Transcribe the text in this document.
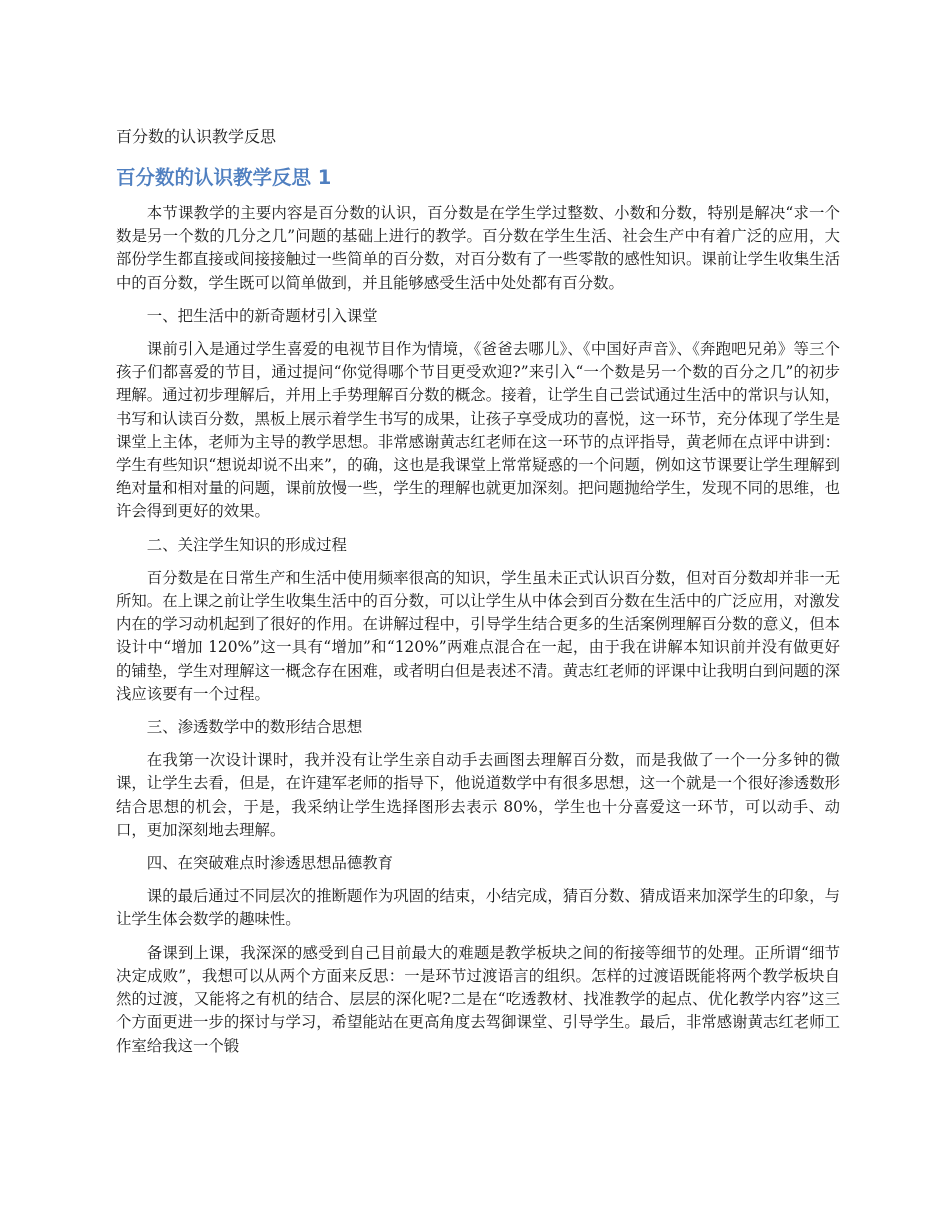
百分数的认识教学反思
百分数的认识教学反思 1

本节课教学的主要内容是百分数的认识，百分数是在学生学过整数、小数和分数，特别是解决“求一个数是另一个数的几分之几”问题的基础上进行的教学。百分数在学生生活、社会生产中有着广泛的应用，大部份学生都直接或间接接触过一些简单的百分数，对百分数有了一些零散的感性知识。课前让学生收集生活中的百分数，学生既可以简单做到，并且能够感受生活中处处都有百分数。

一、把生活中的新奇题材引入课堂

课前引入是通过学生喜爱的电视节目作为情境，《爸爸去哪儿》、《中国好声音》、《奔跑吧兄弟》等三个孩子们都喜爱的节目，通过提问“你觉得哪个节目更受欢迎?”来引入“一个数是另一个数的百分之几”的初步理解。通过初步理解后，并用上手势理解百分数的概念。接着，让学生自己尝试通过生活中的常识与认知，书写和认读百分数，黑板上展示着学生书写的成果，让孩子享受成功的喜悦，这一环节，充分体现了学生是课堂上主体，老师为主导的教学思想。非常感谢黄志红老师在这一环节的点评指导，黄老师在点评中讲到：学生有些知识“想说却说不出来”，的确，这也是我课堂上常常疑惑的一个问题，例如这节课要让学生理解到绝对量和相对量的问题，课前放慢一些，学生的理解也就更加深刻。把问题抛给学生，发现不同的思维，也许会得到更好的效果。

二、关注学生知识的形成过程

百分数是在日常生产和生活中使用频率很高的知识，学生虽未正式认识百分数，但对百分数却并非一无所知。在上课之前让学生收集生活中的百分数，可以让学生从中体会到百分数在生活中的广泛应用，对激发内在的学习动机起到了很好的作用。在讲解过程中，引导学生结合更多的生活案例理解百分数的意义，但本设计中“增加 120%”这一具有“增加”和“120%”两难点混合在一起，由于我在讲解本知识前并没有做更好的铺垫，学生对理解这一概念存在困难，或者明白但是表述不清。黄志红老师的评课中让我明白到问题的深浅应该要有一个过程。

三、渗透数学中的数形结合思想

在我第一次设计课时，我并没有让学生亲自动手去画图去理解百分数，而是我做了一个一分多钟的微课，让学生去看，但是，在许建军老师的指导下，他说道数学中有很多思想，这一个就是一个很好渗透数形结合思想的机会，于是，我采纳让学生选择图形去表示 80%，学生也十分喜爱这一环节，可以动手、动口，更加深刻地去理解。

四、在突破难点时渗透思想品德教育

课的最后通过不同层次的推断题作为巩固的结束，小结完成，猜百分数、猜成语来加深学生的印象，与让学生体会数学的趣味性。

备课到上课，我深深的感受到自己目前最大的难题是教学板块之间的衔接等细节的处理。正所谓“细节决定成败”，我想可以从两个方面来反思：一是环节过渡语言的组织。怎样的过渡语既能将两个教学板块自然的过渡，又能将之有机的结合、层层的深化呢?二是在“吃透教材、找准教学的起点、优化教学内容”这三个方面更进一步的探讨与学习，希望能站在更高角度去驾御课堂、引导学生。最后，非常感谢黄志红老师工作室给我这一个锻
